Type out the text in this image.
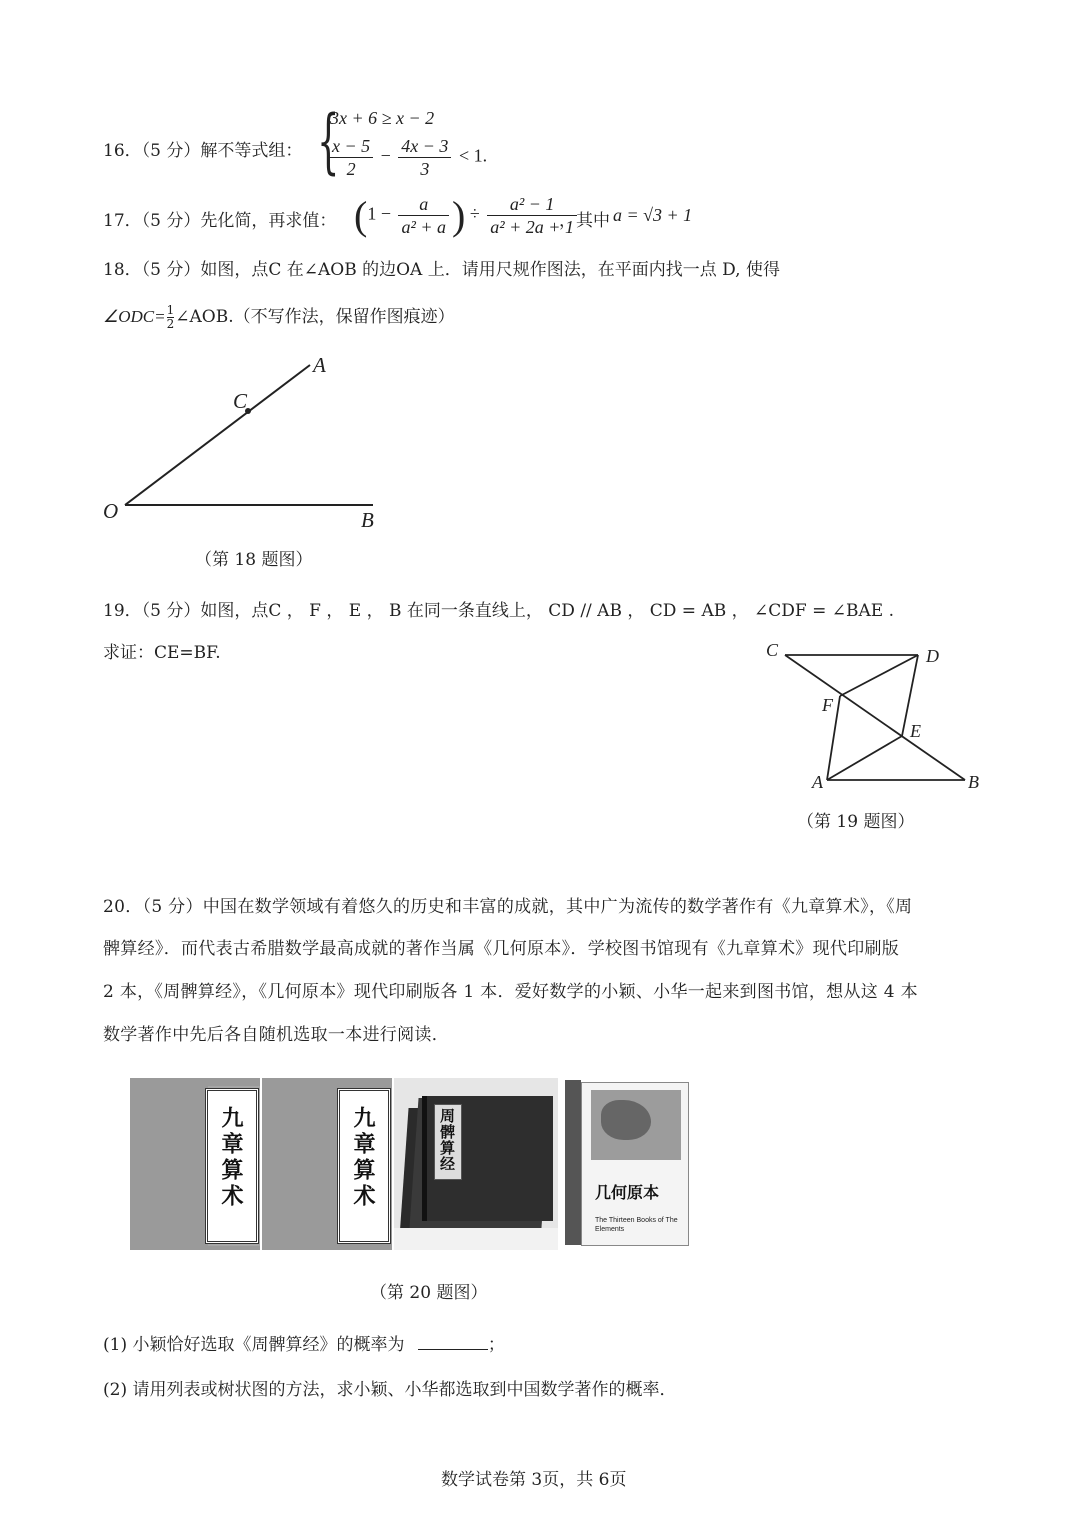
16．（5 分）解不等式组： {
3x + 6 ≥ x − 2
$\frac{x - 5}{2} - \frac{4x - 3}{3} < 1$.
17．（5 分）先化简，再求值： ($1 - \frac{a}{\text{a² + a}}$ ) ÷ $\frac{\text{a² − 1}}{\text{a² + 2a + 1}}$
，其中 a = √3 + 1
18．（5 分）如图，点C 在∠AOB 的边OA 上．请用尺规作图法，在平面内找一点 D, 使得
∠ODC= $\frac{1}{2}$ ∠AOB.（不写作法，保留作图痕迹）
A
C
O	B
（第 18 题图）
19．（5 分）如图，点C ， F ， E ， B 在同一条直线上， CD // AB ， CD = AB ， ∠CDF = ∠BAE .
求证：CE=BF.	C	D
F
E
A	B
（第 19 题图）
20．（5 分）中国在数学领域有着悠久的历史和丰富的成就，其中广为流传的数学著作有《九章算术》，《周
髀算经》．而代表古希腊数学最高成就的著作当属《几何原本》．学校图书馆现有《九章算术》现代印刷版
2 本，《周髀算经》，《几何原本》现代印刷版各 1 本．爱好数学的小颖、小华一起来到图书馆，想从这 4 本
数学著作中先后各自随机选取一本进行阅读．
九章算术	九章算术	周髀算经
几何原本
The Thirteen Books of The Elements
（第 20 题图）
(1) 小颖恰好选取《周髀算经》的概率为	；
(2) 请用列表或树状图的方法，求小颖、小华都选取到中国数学著作的概率．
数学试卷第 3页，共 6页
